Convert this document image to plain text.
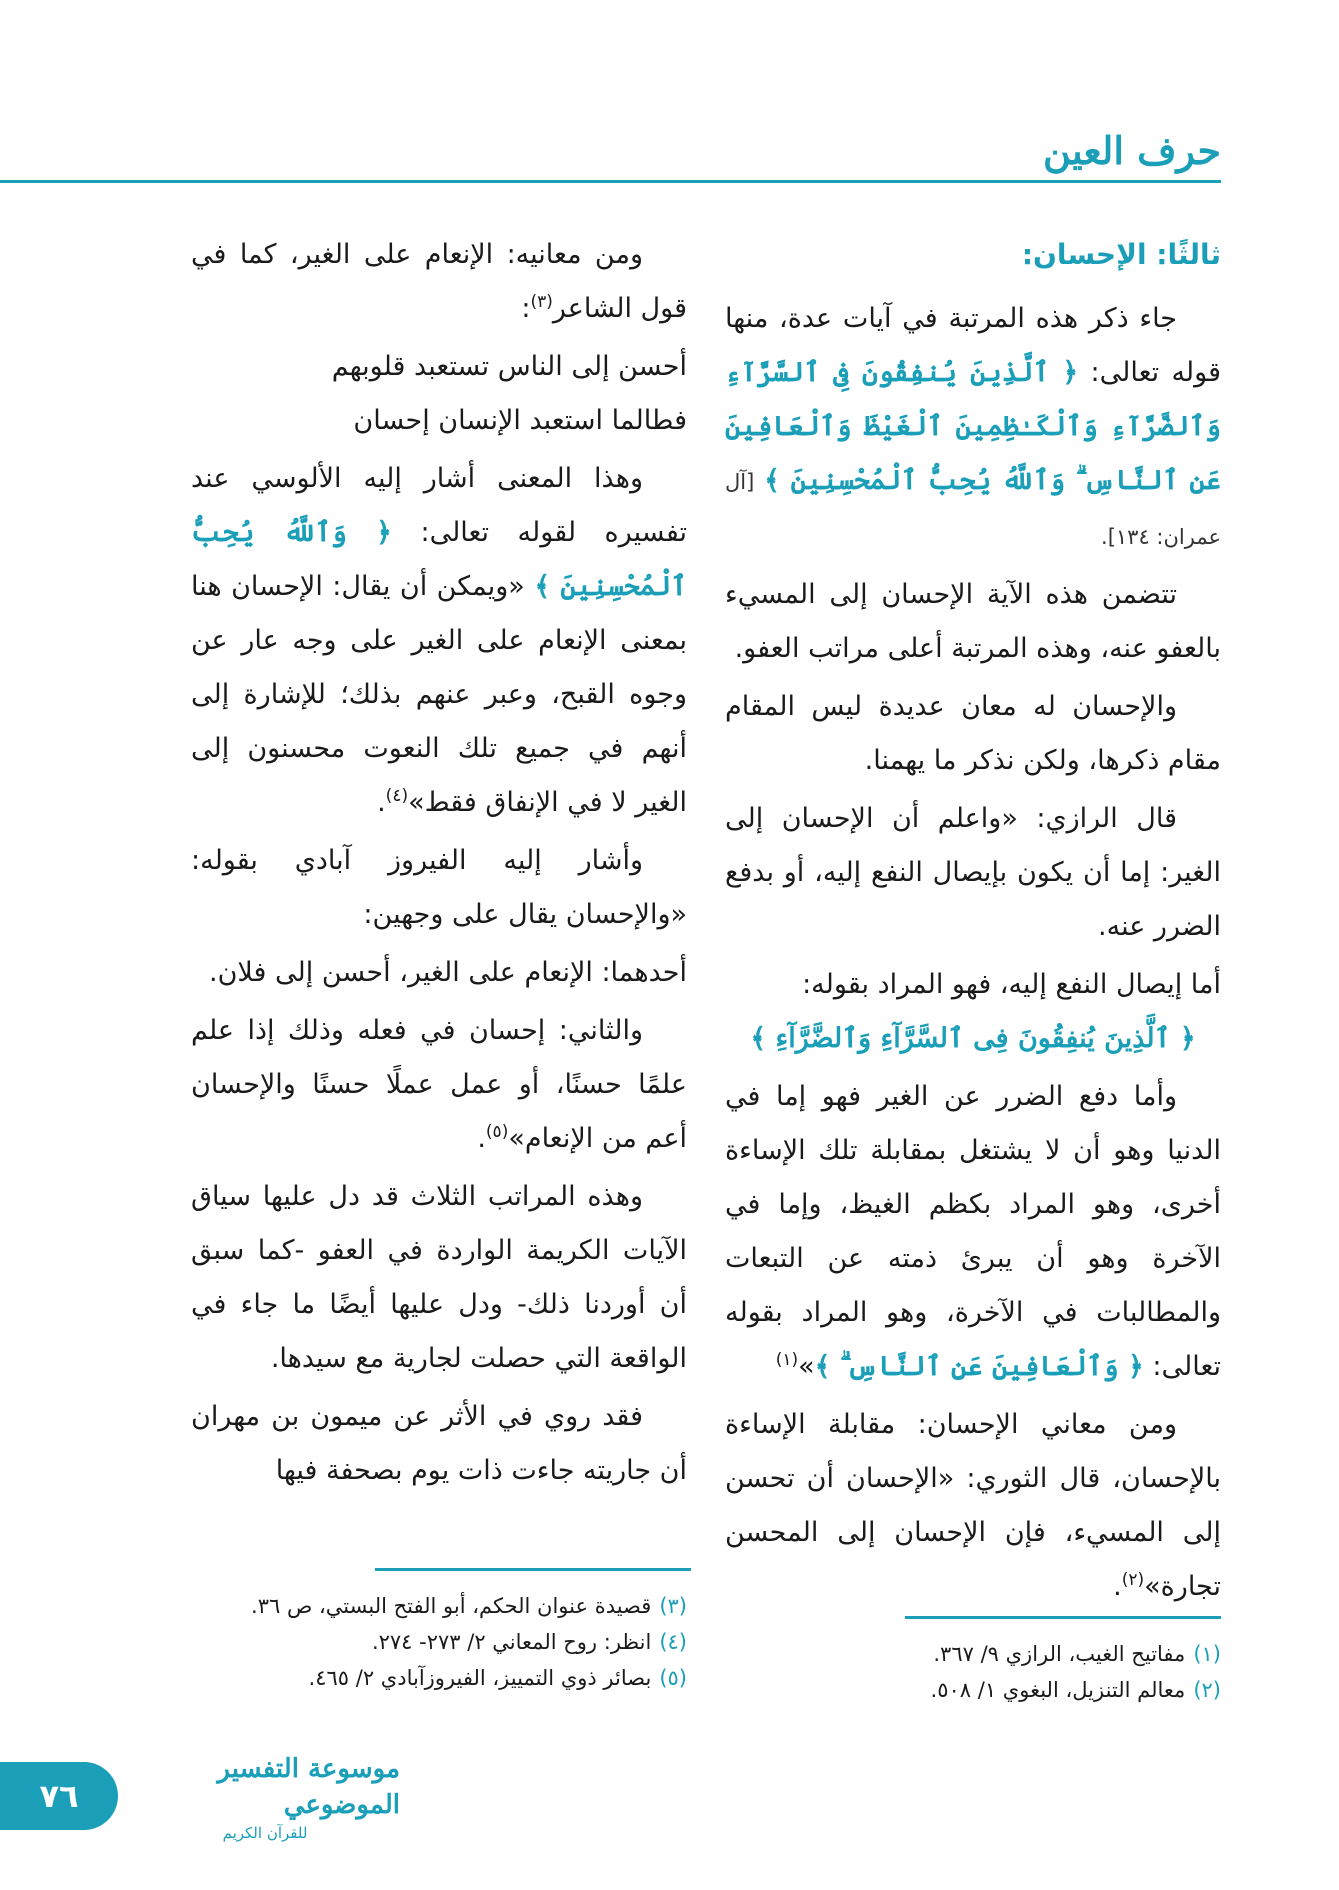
حرف العين
ثالثًا: الإحسان:

جاء ذكر هذه المرتبة في آيات عدة، منها قوله تعالى: ﴿ ٱلَّذِينَ يُنفِقُونَ فِى ٱلسَّرَّآءِ وَٱلضَّرَّآءِ وَٱلْكَـٰظِمِينَ ٱلْغَيْظَ وَٱلْعَافِينَ عَنِ ٱلنَّاسِ ۗ وَٱللَّهُ يُحِبُّ ٱلْمُحْسِنِينَ ﴾ [آل عمران: ١٣٤].

تتضمن هذه الآية الإحسان إلى المسيء بالعفو عنه، وهذه المرتبة أعلى مراتب العفو.

والإحسان له معان عديدة ليس المقام مقام ذكرها، ولكن نذكر ما يهمنا.

قال الرازي: «واعلم أن الإحسان إلى الغير: إما أن يكون بإيصال النفع إليه، أو بدفع الضرر عنه.

أما إيصال النفع إليه، فهو المراد بقوله:
﴿ ٱلَّذِينَ يُنفِقُونَ فِى ٱلسَّرَّآءِ وَٱلضَّرَّآءِ ﴾

وأما دفع الضرر عن الغير فهو إما في الدنيا وهو أن لا يشتغل بمقابلة تلك الإساءة أخرى، وهو المراد بكظم الغيظ، وإما في الآخرة وهو أن يبرئ ذمته عن التبعات والمطالبات في الآخرة، وهو المراد بقوله تعالى: ﴿ وَٱلْعَافِينَ عَنِ ٱلنَّاسِ ۗ ﴾»$^{(١)}$

ومن معاني الإحسان: مقابلة الإساءة بالإحسان، قال الثوري: «الإحسان أن تحسن إلى المسيء، فإن الإحسان إلى المحسن تجارة»$^{(٢)}$.

ومن معانيه: الإنعام على الغير، كما في قول الشاعر$^{(٣)}$:

أحسن إلى الناس تستعبد قلوبهم
فطالما استعبد الإنسان إحسان

وهذا المعنى أشار إليه الألوسي عند تفسيره لقوله تعالى: ﴿ وَٱللَّهُ يُحِبُّ ٱلْمُحْسِنِينَ ﴾ «ويمكن أن يقال: الإحسان هنا بمعنى الإنعام على الغير على وجه عار عن وجوه القبح، وعبر عنهم بذلك؛ للإشارة إلى أنهم في جميع تلك النعوت محسنون إلى الغير لا في الإنفاق فقط»$^{(٤)}$.

وأشار إليه الفيروز آبادي بقوله: «والإحسان يقال على وجهين:

أحدهما: الإنعام على الغير، أحسن إلى فلان.

والثاني: إحسان في فعله وذلك إذا علم علمًا حسنًا، أو عمل عملًا حسنًا والإحسان أعم من الإنعام»$^{(٥)}$.

وهذه المراتب الثلاث قد دل عليها سياق الآيات الكريمة الواردة في العفو -كما سبق أن أوردنا ذلك- ودل عليها أيضًا ما جاء في الواقعة التي حصلت لجارية مع سيدها.

فقد روي في الأثر عن ميمون بن مهران أن جاريته جاءت ذات يوم بصحفة فيها

(١)مفاتيح الغيب، الرازي ٩/ ٣٦٧.

(٢)معالم التنزيل، البغوي ١/ ٥٠٨.

(٣)قصيدة عنوان الحكم، أبو الفتح البستي، ص ٣٦.

(٤)انظر: روح المعاني ٢/ ٢٧٣- ٢٧٤.

(٥)بصائر ذوي التمييز، الفيروزآبادي ٢/ ٤٦٥.

٧٦
موسوعة التفسير الموضوعي
للقرآن الكريم
